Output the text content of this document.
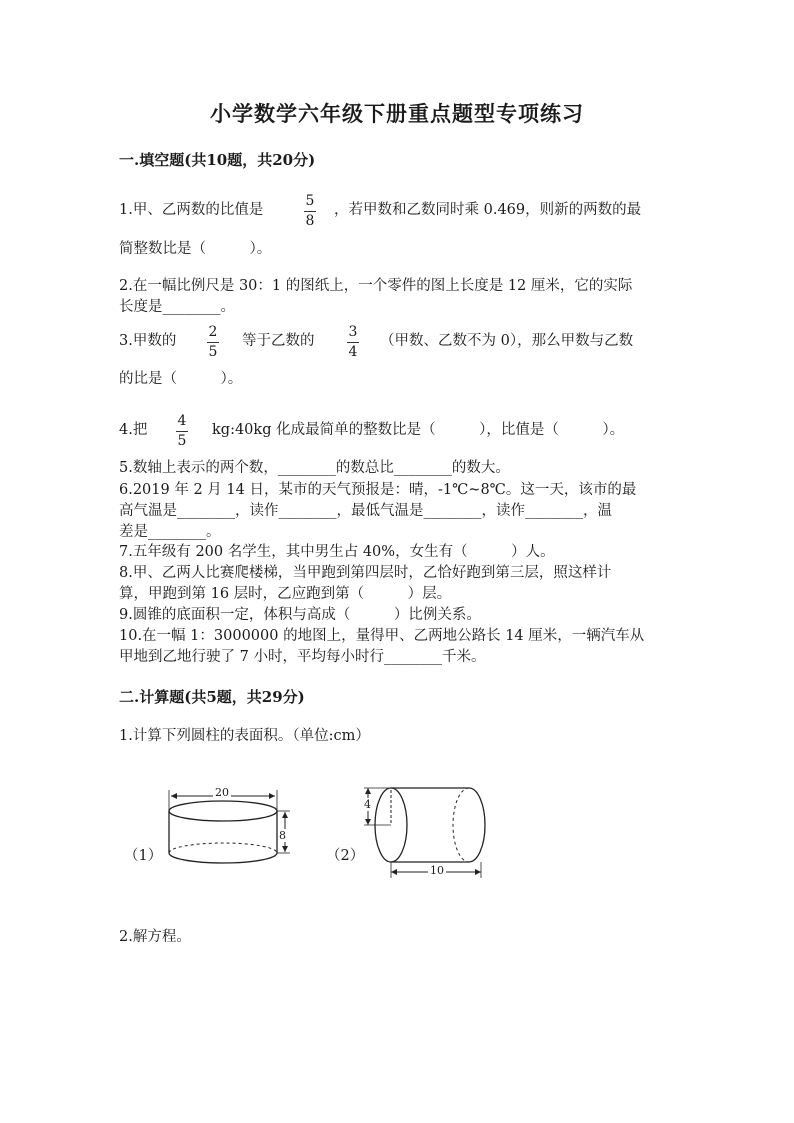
小学数学六年级下册重点题型专项练习
一.填空题(共10题，共20分)
1.甲、乙两数的比值是
5
8
，若甲数和乙数同时乘 0.469，则新的两数的最
简整数比是（　　　）。
2.在一幅比例尺是 30：1 的图纸上，一个零件的图上长度是 12 厘米，它的实际
长度是________。
3.甲数的
2
5
等于乙数的
3
4
（甲数、乙数不为 0），那么甲数与乙数
的比是（　　　）。
4.把
4
5
kg:40kg 化成最简单的整数比是（　　　），比值是（　　　）。
5.数轴上表示的两个数，________的数总比________的数大。
6.2019 年 2 月 14 日，某市的天气预报是：晴，-1℃~8℃。这一天，该市的最
高气温是________，读作________，最低气温是________，读作________，温
差是________。
7.五年级有 200 名学生，其中男生占 40%，女生有（　　　）人。
8.甲、乙两人比赛爬楼梯，当甲跑到第四层时，乙恰好跑到第三层，照这样计
算，甲跑到第 16 层时，乙应跑到第（　　　）层。
9.圆锥的底面积一定，体积与高成（　　　）比例关系。
10.在一幅 1：3000000 的地图上，量得甲、乙两地公路长 14 厘米，一辆汽车从
甲地到乙地行驶了 7 小时，平均每小时行________千米。
二.计算题(共5题，共29分)
1.计算下列圆柱的表面积。（单位:cm）
（1）
20
8
（2）
4
10
2.解方程。
